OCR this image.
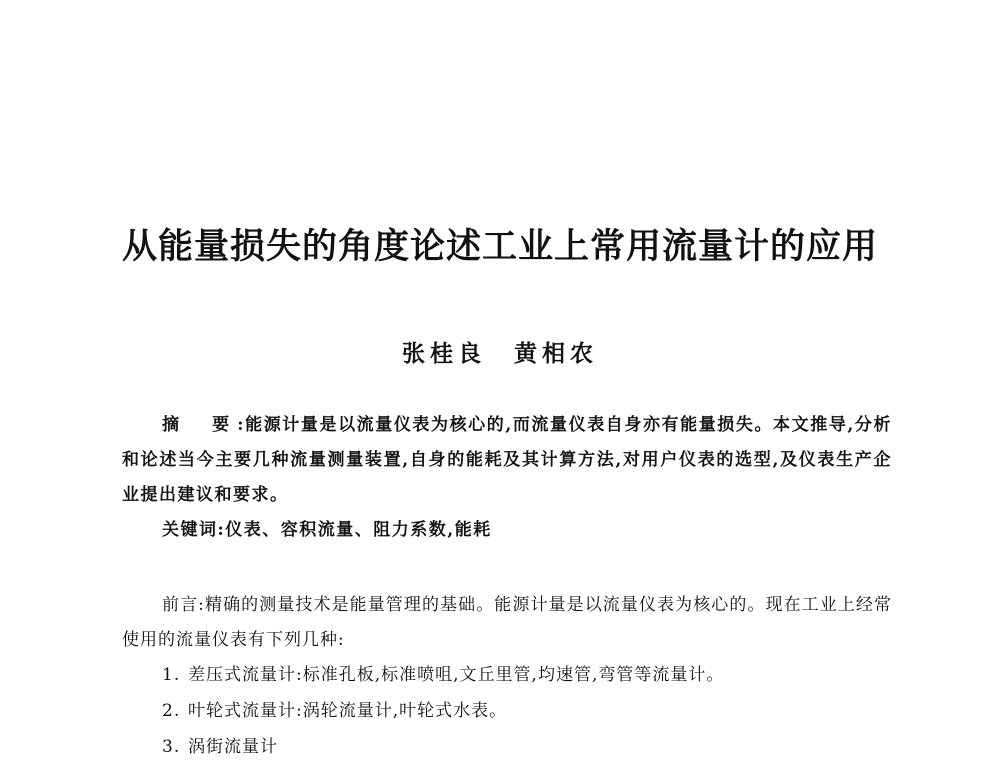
从能量损失的角度论述工业上常用流量计的应用
张桂良 黄相农

摘　要:能源计量是以流量仪表为核心的,而流量仪表自身亦有能量损失。本文推导,分析和论述当今主要几种流量测量装置,自身的能耗及其计算方法,对用户仪表的选型,及仪表生产企业提出建议和要求。

关键词:仪表、容积流量、阻力系数,能耗

前言:精确的测量技术是能量管理的基础。能源计量是以流量仪表为核心的。现在工业上经常使用的流量仪表有下列几种:

1. 差压式流量计:标准孔板,标准喷咀,文丘里管,均速管,弯管等流量计。
2. 叶轮式流量计:涡轮流量计,叶轮式水表。
3. 涡街流量计
